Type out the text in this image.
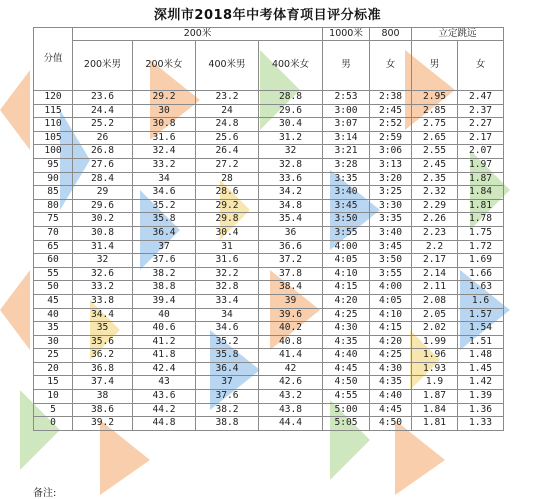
深圳市2018年中考体育项目评分标准
分值	200米				1000米	800	立定跳远	
	200米男	200米女	400米男	400米女	男	女	男	女
120	23.6	29.2	23.2	28.8	2:53	2:38	2.95	2.47
115	24.4	30	24	29.6	3:00	2:45	2.85	2.37
110	25.2	30.8	24.8	30.4	3:07	2:52	2.75	2.27
105	26	31.6	25.6	31.2	3:14	2:59	2.65	2.17
100	26.8	32.4	26.4	32	3:21	3:06	2.55	2.07
95	27.6	33.2	27.2	32.8	3:28	3:13	2.45	1.97
90	28.4	34	28	33.6	3:35	3:20	2.35	1.87
85	29	34.6	28.6	34.2	3:40	3:25	2.32	1.84
80	29.6	35.2	29.2	34.8	3:45	3:30	2.29	1.81
75	30.2	35.8	29.8	35.4	3:50	3:35	2.26	1.78
70	30.8	36.4	30.4	36	3:55	3:40	2.23	1.75
65	31.4	37	31	36.6	4:00	3:45	2.2	1.72
60	32	37.6	31.6	37.2	4:05	3:50	2.17	1.69
55	32.6	38.2	32.2	37.8	4:10	3:55	2.14	1.66
50	33.2	38.8	32.8	38.4	4:15	4:00	2.11	1.63
45	33.8	39.4	33.4	39	4:20	4:05	2.08	1.6
40	34.4	40	34	39.6	4:25	4:10	2.05	1.57
35	35	40.6	34.6	40.2	4:30	4:15	2.02	1.54
30	35.6	41.2	35.2	40.8	4:35	4:20	1.99	1.51
25	36.2	41.8	35.8	41.4	4:40	4:25	1.96	1.48
20	36.8	42.4	36.4	42	4:45	4:30	1.93	1.45
15	37.4	43	37	42.6	4:50	4:35	1.9	1.42
10	38	43.6	37.6	43.2	4:55	4:40	1.87	1.39
5	38.6	44.2	38.2	43.8	5:00	4:45	1.84	1.36
0	39.2	44.8	38.8	44.4	5:05	4:50	1.81	1.33
备注:
